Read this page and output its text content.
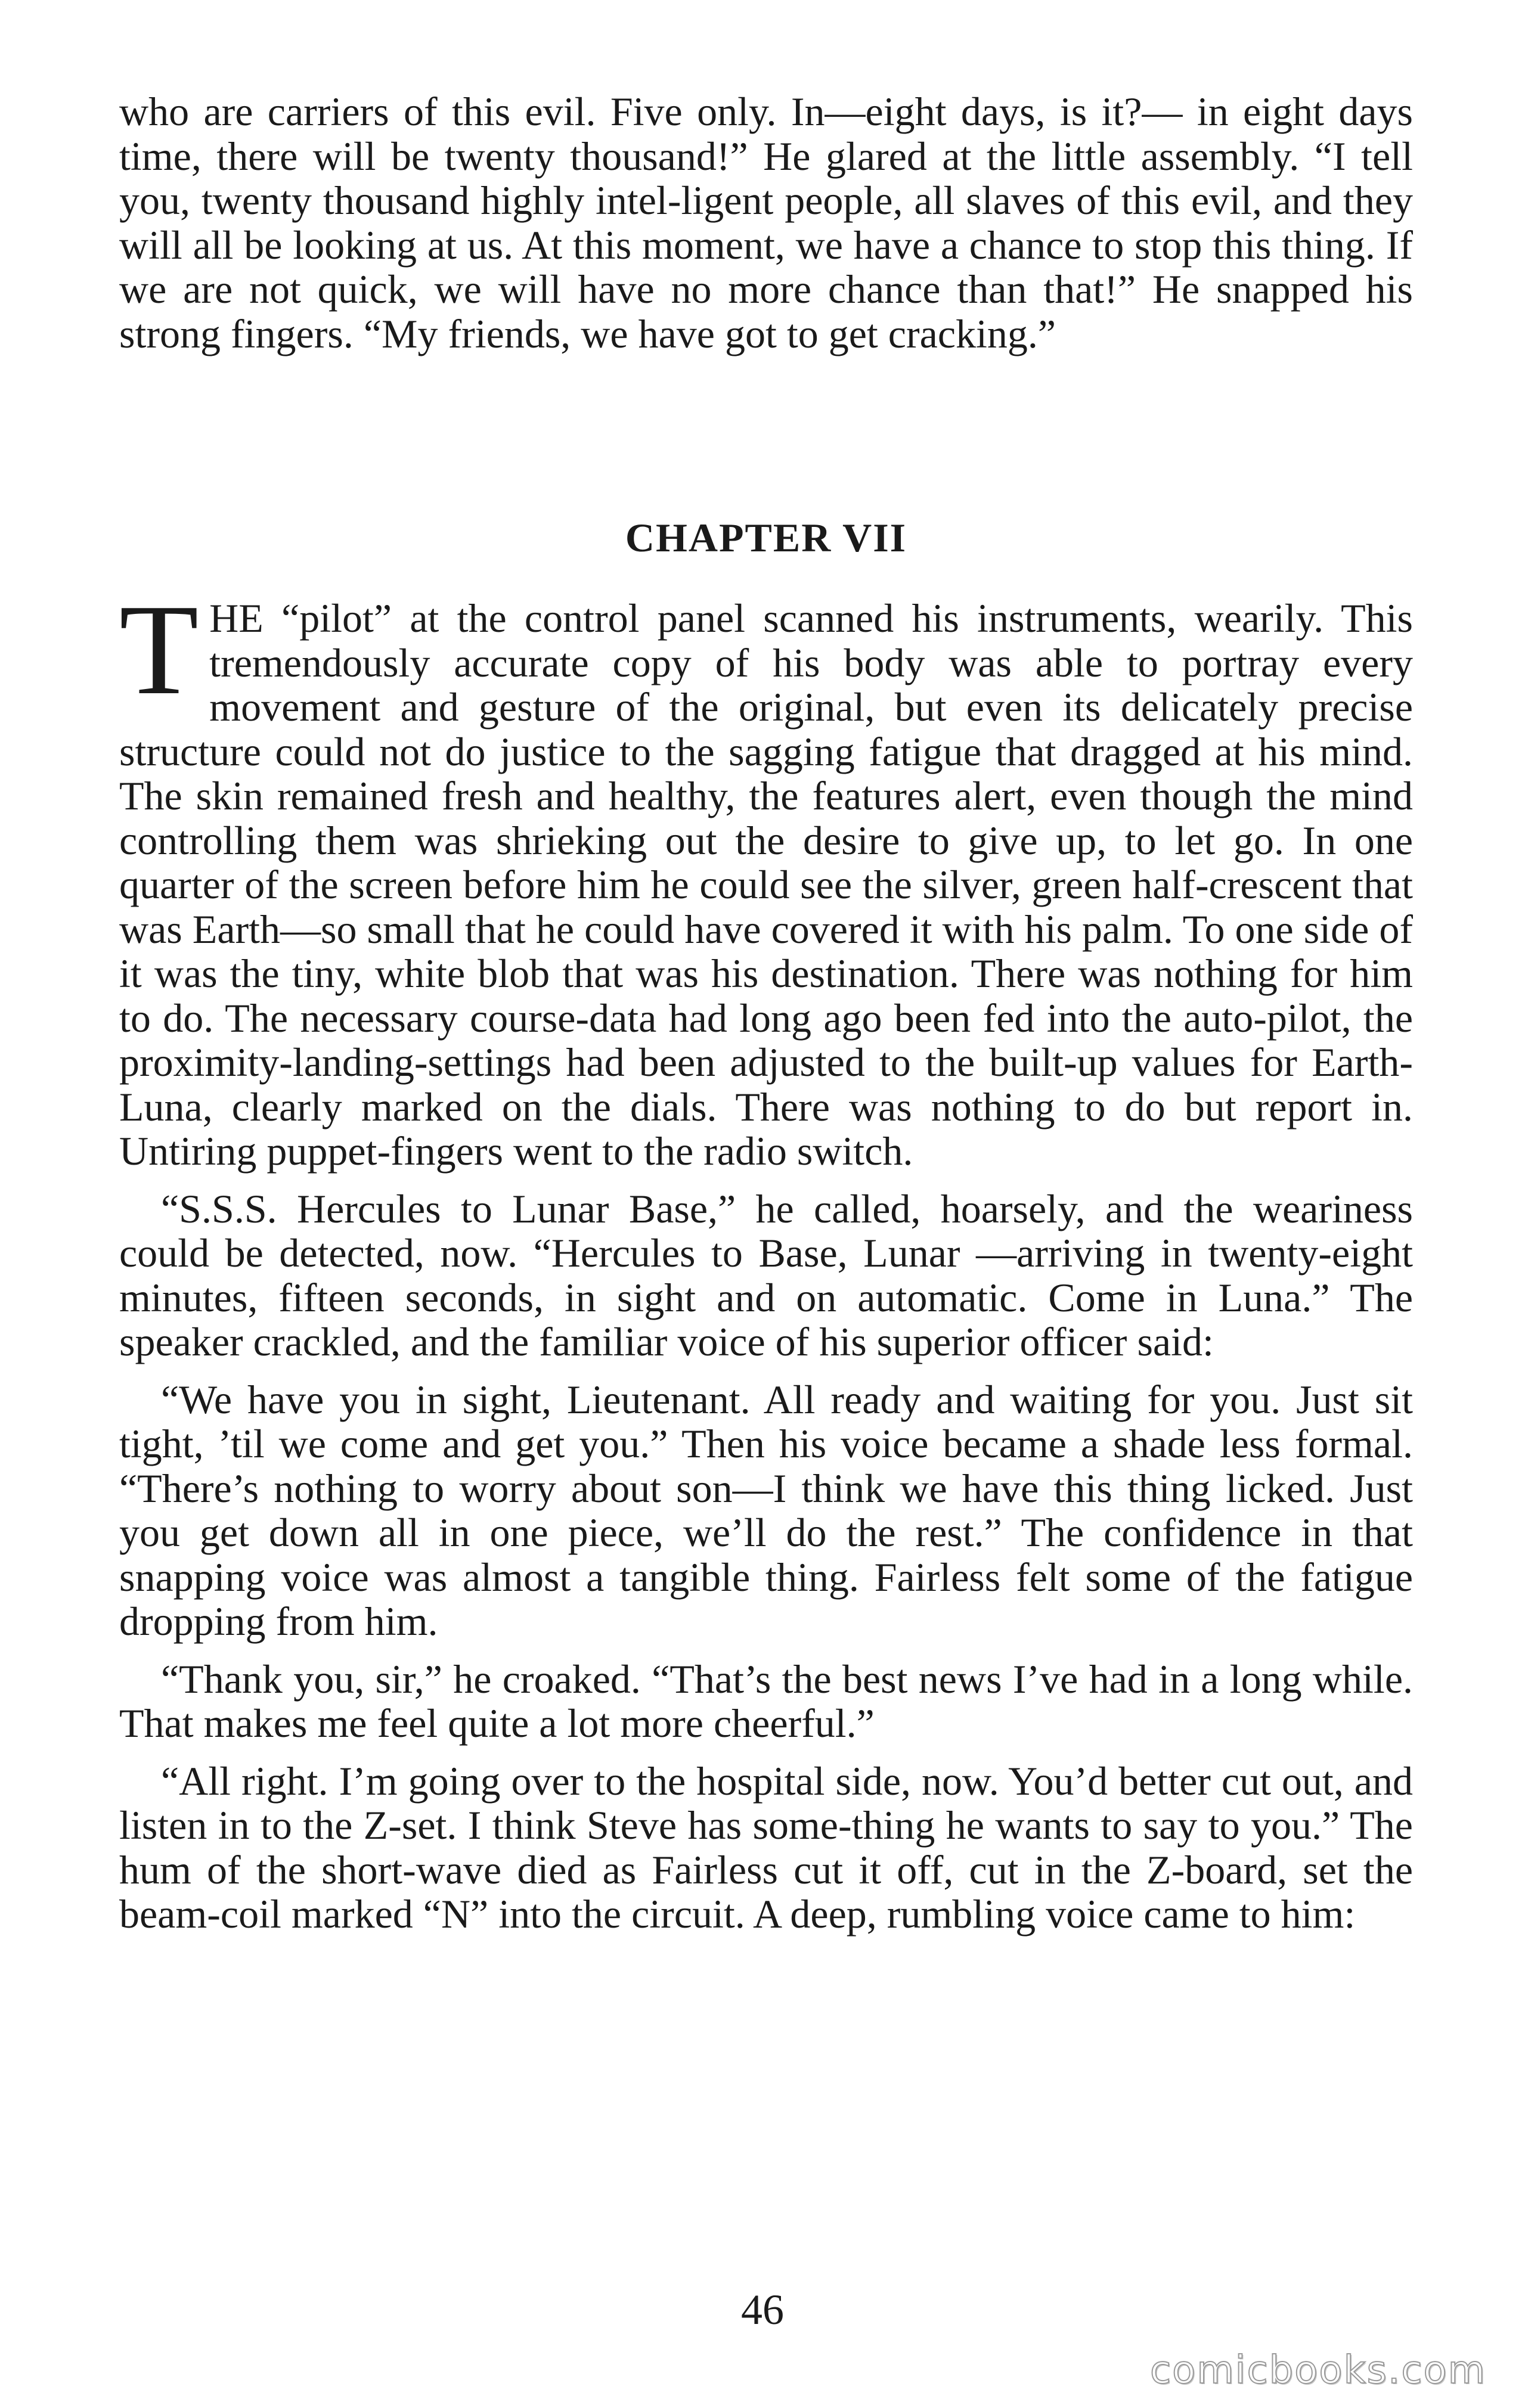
who are carriers of this evil. Five only. In—eight days, is it?— in eight days time, there will be twenty thousand!” He glared at the little assembly. “I tell you, twenty thousand highly intel-ligent people, all slaves of this evil, and they will all be looking at us. At this moment, we have a chance to stop this thing. If we are not quick, we will have no more chance than that!” He snapped his strong fingers. “My friends, we have got to get cracking.”

CHAPTER VII

T HE “pilot” at the control panel scanned his instruments, wearily. This tremendously accurate copy of his body was able to portray every movement and gesture of the original, but even its delicately precise structure could not do justice to the sagging fatigue that dragged at his mind. The skin remained fresh and healthy, the features alert, even though the mind controlling them was shrieking out the desire to give up, to let go. In one quarter of the screen before him he could see the silver, green half-crescent that was Earth—so small that he could have covered it with his palm. To one side of it was the tiny, white blob that was his destination. There was nothing for him to do. The necessary course-data had long ago been fed into the auto-pilot, the proximity-landing-settings had been adjusted to the built-up values for Earth-Luna, clearly marked on the dials. There was nothing to do but report in. Untiring puppet-fingers went to the radio switch.

“S.S.S. Hercules to Lunar Base,” he called, hoarsely, and the weariness could be detected, now. “Hercules to Base, Lunar —arriving in twenty-eight minutes, fifteen seconds, in sight and on automatic. Come in Luna.” The speaker crackled, and the familiar voice of his superior officer said:

“We have you in sight, Lieutenant. All ready and waiting for you. Just sit tight, ’til we come and get you.” Then his voice became a shade less formal. “There’s nothing to worry about son—I think we have this thing licked. Just you get down all in one piece, we’ll do the rest.” The confidence in that snapping voice was almost a tangible thing. Fairless felt some of the fatigue dropping from him.

“Thank you, sir,” he croaked. “That’s the best news I’ve had in a long while. That makes me feel quite a lot more cheerful.”

“All right. I’m going over to the hospital side, now. You’d better cut out, and listen in to the Z-set. I think Steve has some-thing he wants to say to you.” The hum of the short-wave died as Fairless cut it off, cut in the Z-board, set the beam-coil marked “N” into the circuit. A deep, rumbling voice came to him:

46
comicbooks.com
